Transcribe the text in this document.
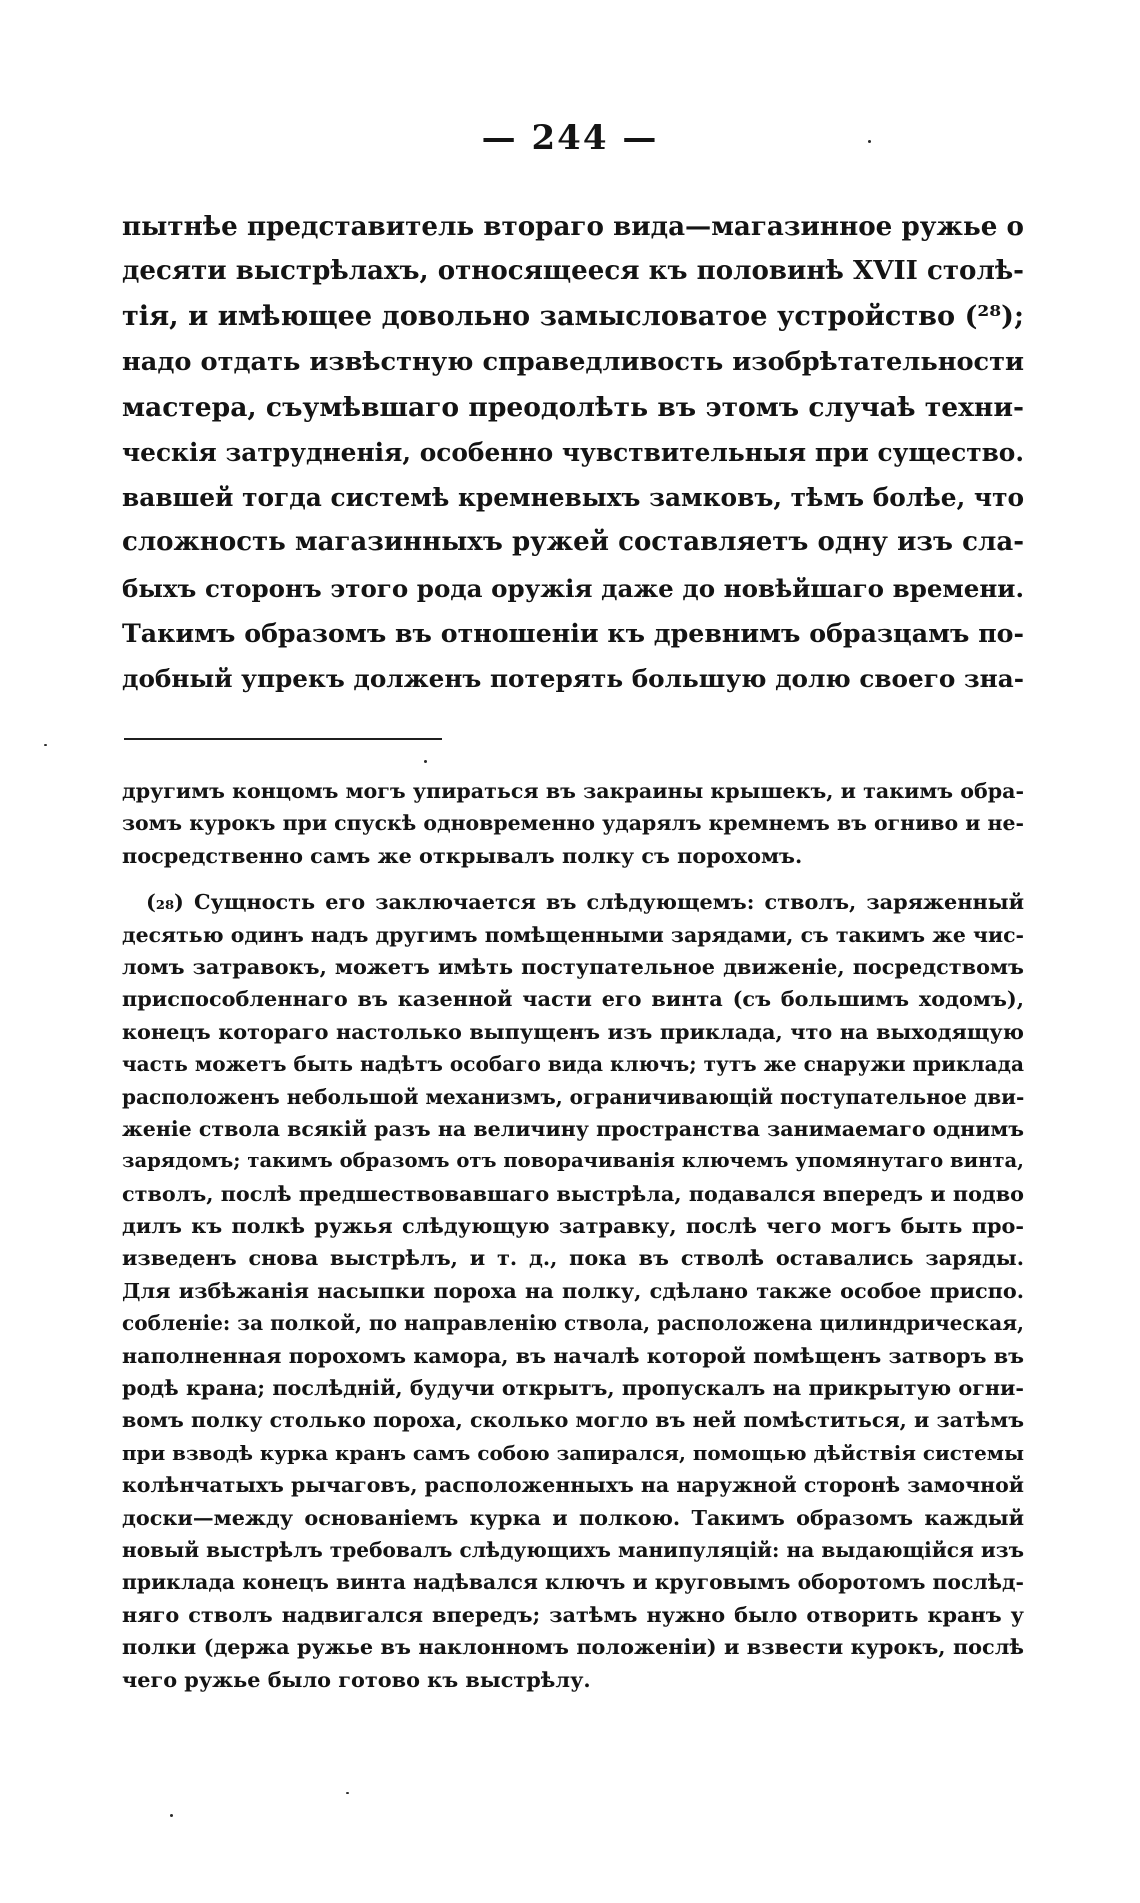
— 244 —
пытнѣе представитель втораго вида—магазинное ружье о
десяти выстрѣлахъ, относящееся къ половинѣ XVII столѣ-
тія, и имѣющее довольно замысловатое устройство (²⁸);
надо отдать извѣстную справедливость изобрѣтательности
мастера, съумѣвшаго преодолѣть въ этомъ случаѣ техни-
ческія затрудненія, особенно чувствительныя при существо.
вавшей тогда системѣ кремневыхъ замковъ, тѣмъ болѣе, что
сложность магазинныхъ ружей составляетъ одну изъ сла-
быхъ сторонъ этого рода оружія даже до новѣйшаго времени.
Такимъ образомъ въ отношеніи къ древнимъ образцамъ по-
добный упрекъ долженъ потерять большую долю своего зна-
другимъ концомъ могъ упираться въ закраины крышекъ, и такимъ обра-
зомъ курокъ при спускѣ одновременно ударялъ кремнемъ въ огниво и не-
посредственно самъ же открывалъ полку съ порохомъ.
(₂₈) Сущность его заключается въ слѣдующемъ: стволъ, заряженный
десятью одинъ надъ другимъ помѣщенными зарядами, съ такимъ же чис-
ломъ затравокъ, можетъ имѣть поступательное движеніе, посредствомъ
приспособленнаго въ казенной части его винта (съ большимъ ходомъ),
конецъ котораго настолько выпущенъ изъ приклада, что на выходящую
часть можетъ быть надѣтъ особаго вида ключъ; тутъ же снаружи приклада
расположенъ небольшой механизмъ, ограничивающій поступательное дви-
женіе ствола всякій разъ на величину пространства занимаемаго однимъ
зарядомъ; такимъ образомъ отъ поворачиванія ключемъ упомянутаго винта,
стволъ, послѣ предшествовавшаго выстрѣла, подавался впередъ и подво
дилъ къ полкѣ ружья слѣдующую затравку, послѣ чего могъ быть про-
изведенъ снова выстрѣлъ, и т. д., пока въ стволѣ оставались заряды.
Для избѣжанія насыпки пороха на полку, сдѣлано также особое приспо.
собленіе: за полкой, по направленію ствола, расположена цилиндрическая,
наполненная порохомъ камора, въ началѣ которой помѣщенъ затворъ въ
родѣ крана; послѣдній, будучи открытъ, пропускалъ на прикрытую огни-
вомъ полку столько пороха, сколько могло въ ней помѣститься, и затѣмъ
при взводѣ курка кранъ самъ собою запирался, помощью дѣйствія системы
колѣнчатыхъ рычаговъ, расположенныхъ на наружной сторонѣ замочной
доски—между основаніемъ курка и полкою. Такимъ образомъ каждый
новый выстрѣлъ требовалъ слѣдующихъ манипуляцій: на выдающійся изъ
приклада конецъ винта надѣвался ключъ и круговымъ оборотомъ послѣд-
няго стволъ надвигался впередъ; затѣмъ нужно было отворить кранъ у
полки (держа ружье въ наклонномъ положеніи) и взвести курокъ, послѣ
чего ружье было готово къ выстрѣлу.
